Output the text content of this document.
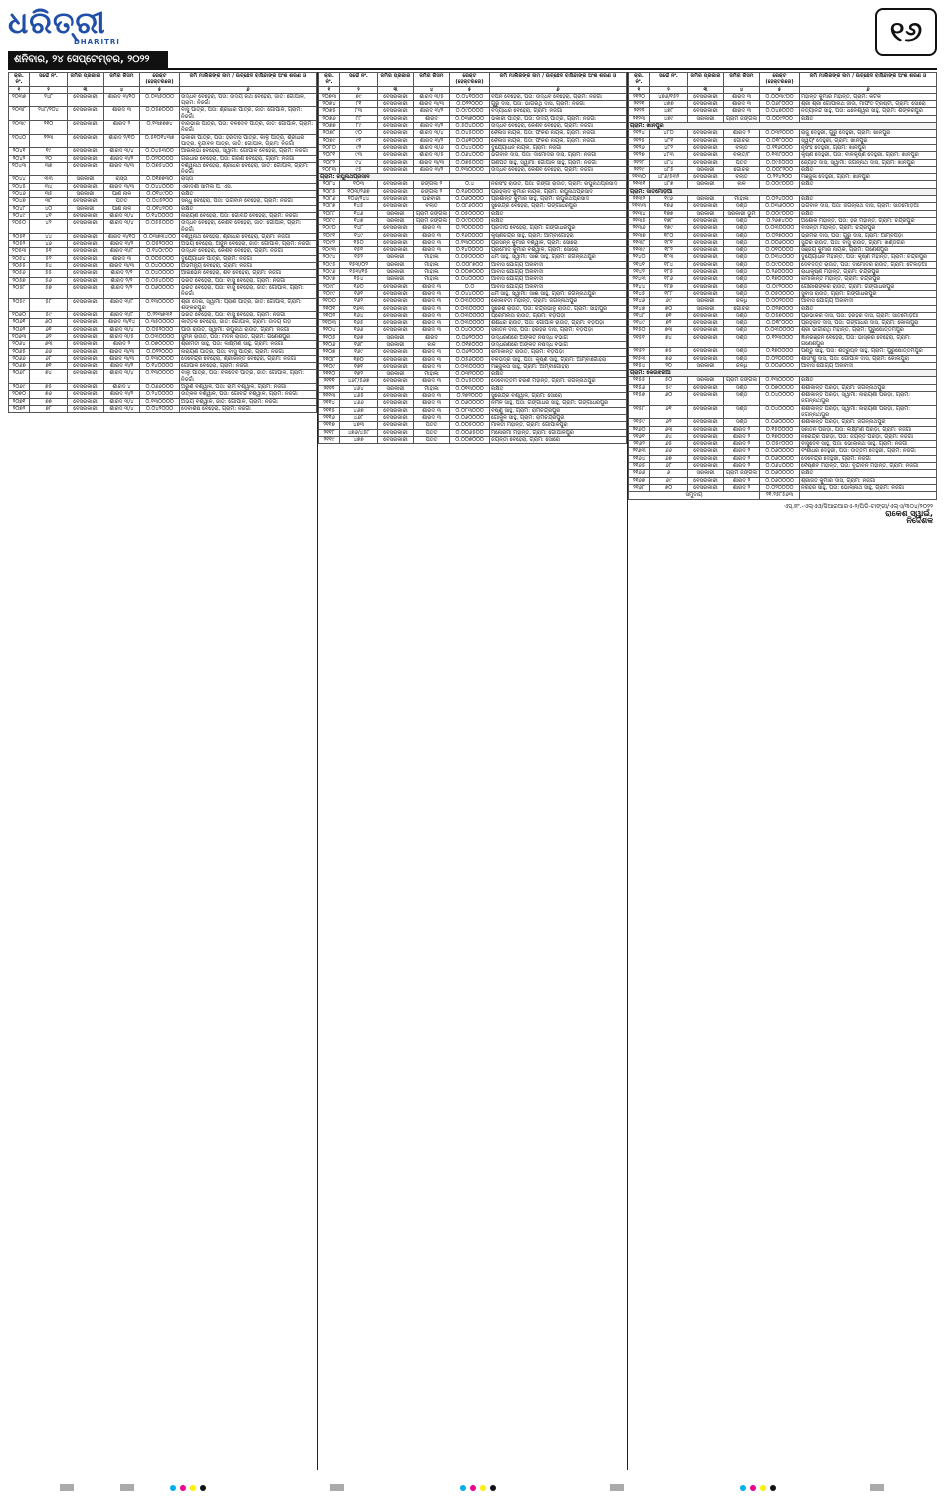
ଧରିତ୍ରୀ
DHARITRI
ଶନିବାର, ୨୪ ସେପ୍ଟେମ୍ବର, ୨୦୨୨
୧୬
କ୍ର. ନଂ.	ସର୍ଭେ ନଂ.	ଜମିର ପ୍ରକାର	ଜମିର କିସମ	ରେକ୍ଟ (ହେକ୍ଟରରେ)	ଜମି ମାଲିକଙ୍କ ନାମ / ଉଚ୍ଛେଦ ବାସିନ୍ଦାଙ୍କ ଅଂଶ ଶରଣ ଓ
୧	୨	୩	୪	୫	୬
୨୦୩୭	୨୪୮	ବେସରକାରୀ	ଶାରଦ ୩/୧୦	୦.୦୩୫୦୦୦	ଉଦ୍ଧବ ବେହେରା, ପିତା: ଉଦୟ ନାଥ ବେହେରା, ଜାତି: ଗୋପାଳ, ଗ୍ରାମ: ନିଜଗାଁ
୨୦୩୮	୨୪୮/୨୦୪	ବେସରକାରୀ	ଶାରଦ ୩	୦.୦୫୭୦୦୦	ବାସୁ ପାତ୍ର, ପିତା: ଶ୍ରୀଧର ପାତ୍ର, ଜାତି: ଗୋପାଳ, ଗ୍ରାମ: ନିଜଗାଁ
୨୦୩୯	୨୧୦	ବେସରକାରୀ	ଶାରଦ ୨	୦.୧୩୭୭୭୪	ବାରଭାଇ ପାତ୍ର, ପିତା: ବଳଦେବ ପାତ୍ର, ଜାତି: ଗୋପାଳ, ଗ୍ରାମ: ନିଜଗାଁ
୨୦୪୦	୨୨୩	ବେସରକାରୀ	ଶାରଦ ୨/୧୦	୦.୫୧୦୧୪୩୭	ଭିକାରୀ ପାତ୍ର, ପିତା: ହରିଦାସ ପାତ୍ର, କାଳୁ ପାତ୍ର, ଶ୍ରୀଧର ପାତ୍ର, ବୃନ୍ଦାବନ ପାତ୍ର, ଜାତି: ଗୋପାଳ, ଗ୍ରାମ: ନିଜଗାଁ
୨୦୪୧	୧୯	ବେସରକାରୀ	ଶାରଦ ୩/୪	୦.୦୪୫୩୦୦	ଆଇଲାଭା ବେହେରା, ସ୍ୱାମୀ: ଗୋପାଳ ବେହେରା, ଗ୍ରାମ: ନିଜଗାଁ
୨୦୪୨	୨୦	ବେସରକାରୀ	ଶାରଦ ୩/୨	୦.୦୨୦୦୦୦	ଗିରିଧାରି ବେହେରା, ପିତା: ଗିରିଶ ବେହେରା, ଗ୍ରାମ: ନିଜଗାଁ
୨୦୪୩	୩୭	ବେସରକାରୀ	ଶାରଦ ୩/୩	୦.୦୭୫୪୦୦	ବିଶ୍ୱନାଥ ବେହେରା, ଶ୍ରୀଧର ବେହେରା, ଜାତି: ଗୋପାଳ, ଗ୍ରାମ: ନିଜଗାଁ
୨୦୪୪	୩୩	ସରକାରୀ	ରାସ୍ତା	୦.୦୧୭୭୩୦	ରାସ୍ତା
୨୦୪୫	୩୪	ବେସରକାରୀ	ଶାରଦ ୩/୩	୦.୦୪୪୦୦୦	ଏକାଦଶୀ ସାମଲ ପି. ଏସ.
୨୦୪୬	୩୫	ସରକାରୀ	ପାଣି ନାଳ	୦.୦୧୪୯୦୦	ରକ୍ଷିତ
୨୦୪୭	୩୮	ବେସରକାରୀ	ପତିତ	୦.୦୪୫୨୦୦	ସନ୍ଧୁ ବେହେରା, ପିତା: ଭଗବାନ ବେହେରା, ଗ୍ରାମ: ନିଜଗାଁ
୨୦୪୮	୪୦	ସରକାରୀ	ପାଣି ନାଳ	୦.୦୧୪୨୦୦	ରକ୍ଷିତ
୨୦୪୯	୪୧	ବେସରକାରୀ	ଶାରଦ ୩/୪	୦.୧୪୦୦୦୦	ନାରାୟଣ ବେହେରା, ପିତା: ଗୋବିନ୍ଦ ବେହେରା, ଗ୍ରାମ: ନିଜଗାଁ
୨୦୫୦	୪୨	ବେସରକାରୀ	ଶାରଦ ୩/୪	୦.୦୫୫୦୦୦	ଉଦ୍ଧବ ବେହେରା, କେଶବ ବେହେରା, ଜାତି: ଗୋପାଳ, ଗ୍ରାମ: ନିଜଗାଁ
୨୦୫୧	୪୪	ବେସରକାରୀ	ଶାରଦ ୩/୧୦	୦.୦୩୭୩୪୦୦	ବିଶ୍ୱନାଥ ବେହେରା, ଶ୍ରୀଧର ବେହେରା, ଗ୍ରାମ: ନିଜଗାଁ
୨୦୫୨	୪୬	ବେସରକାରୀ	ଶାରଦ ୩/୨	୦.୦୫୨୦୦୦	ଅଭୟ ବେହେରା, ଅର୍ଜୁନ ବେହେରା, ଜାତି: ଗୋପାଳ, ଗ୍ରାମ: ନିଜଗାଁ
୨୦୫୩	୫୧	ବେସରକାରୀ	ଶାରଦ ୩/୮	୦.୧୪୦୯୦୦	ଉଦ୍ଧବ ବେହେରା, କେଶବ ବେହେରା, ଗ୍ରାମ: ନିଜଗାଁ
୨୦୫୪	୫୨	ବେସରକାରୀ	ଶାରଦ ୩	୦.୦୦୫୦୦୦	ଦୁର୍ଯ୍ୟୋଧନ ପାତ୍ର, ଗ୍ରାମ: ନିଜଗାଁ
୨୦୫୫	୫୪	ବେସରକାରୀ	ଶାରଦ ୩/୩	୦.୦୪୦୦୦୦	ଅଭିମନ୍ୟୁ ବେହେରା, ଗ୍ରାମ: ନିଜଗାଁ
୨୦୫୬	୫୫	ବେସରକାରୀ	ଶାରଦ ୨/୨	୦.୦୪୦୦୦୦	ଆଇଭେନ ବେହେରା, ଶିବ ବେହେରା, ଗ୍ରାମ: ନିଜଗାଁ
୨୦୫୭	୫୬	ବେସରକାରୀ	ଶାରଦ ୨/୨	୦.୦୫୪୦୦୦	ଭରତ ବେହେରା, ପିତା: ବାସୁ ବେହେରା, ଗ୍ରାମ: ନିଜଗାଁ
୨୦୫୮	୫୭	ବେସରକାରୀ	ଶାରଦ ୨/୨	୦.୦୬୦୦୦୦	ଭରତ ବେହେରା, ପିତା: ବାସୁ ବେହେରା, ଜାତି: ଗୋପାଳ, ଗ୍ରାମ: ନିଜଗାଁ
୨୦୫୯	୫୮	ବେସରକାରୀ	ଶାରଦ ୩/୮	୦.୧୩୦୦୦୦	ଶ୍ରୀ ଦେଇ, ସ୍ୱାମୀ: ପ୍ରାଣ ପାତ୍ର, ଜାତି: ଗୋପାଳ, ଗ୍ରାମ: ଶଙ୍କରପୁର
୨୦୬୦	୫୯	ବେସରକାରୀ	ଶାରଦ ୩/୮	୦.୨୨୩୭୩୧	ଭରତ ବେହେରା, ପିତା: ବାସୁ ବେହେରା, ଗ୍ରାମ: ନିଜଗାଁ
୨୦୬୧	୬୦	ବେସରକାରୀ	ଶାରଦ ୩/୧୪	୦.୩୫୦୦୦୦	କାର୍ତ୍ତିକ ବେହେରା, ଜାତି: ଗୋପାଳ, ଗ୍ରାମ: ଉଦୟ ଗଡ଼
୨୦୬୨	୬୧	ବେସରକାରୀ	ଶାରଦ ୩/୪	୦.୦୫୨୦୦୦	ପାଉଁ ରାଉତ, ସ୍ୱାମୀ: ରଘୁନାଥ ରାଉତ, ଗ୍ରାମ: ନିଜଗାଁ
୨୦୬୩	୬୨	ବେସରକାରୀ	ଶାରଦ ୩/୫	୦.୦୩୦୦୦୦	ସୁମନ ରାଉତ, ପିତା: ମଦନ ରାଉତ, ଗ୍ରାମ: ଗଣେଶପୁର
୨୦୬୪	୬୩	ବେସରକାରୀ	ଶାରଦ ୨	୦.୦୭୦୦୦୦	ଶ୍ରୀମତୀ ସାହୁ, ପିତା: ଲକ୍ଷ୍ମଣ ସାହୁ, ଗ୍ରାମ: ନିଜଗାଁ
୨୦୬୫	୬୬	ବେସରକାରୀ	ଶାରଦ ୩/୩	୦.୦୨୨୦୦୦	ନାରାୟଣ ପାତ୍ର, ପିତା: ବାସୁ ପାତ୍ର, ଗ୍ରାମ: ନିଜଗାଁ
୨୦୬୬	୬୮	ବେସରକାରୀ	ଶାରଦ ୩/୩	୦.୧୩୦୦୦୦	ଦେବେନ୍ଦ୍ର ବେହେରା, ଶ୍ରୀକାନ୍ତ ବେହେରା, ଗ୍ରାମ: ନିଜଗାଁ
୨୦୬୭	୭୧	ବେସରକାରୀ	ଶାରଦ ୩/୨	୦.୧୪୦୦୦୦	ଗୋପାଳ ବେହେରା, ଗ୍ରାମ: ନିଜଗାଁ
୨୦୬୮	୭୪	ବେସରକାରୀ	ଶାରଦ ୩/୪	୦.୧୩୦୦୦୦	ବାଲୁ ପାତ୍ର, ପିତା: ବଳଦେବ ପାତ୍ର, ଜାତି: ଗୋପାଳ, ଗ୍ରାମ: ନିଜଗାଁ
୨୦୬୯	୭୫	ବେସରକାରୀ	ଶାରଦ ୪	୦.୦୬୬୦୦୦	ଅରୁଣ ବିଶ୍ୱାଳ, ପିତା: ରାମ ବିଶ୍ୱାଳ, ଗ୍ରାମ: ନିଜଗାଁ
୨୦୭୦	୭୬	ବେସରକାରୀ	ଶାରଦ ୩/୨	୦.୨୪୦୦୦୦	ଉତ୍କଳ ବିଶ୍ୱାଳ, ପିତା: ଗୋବିନ୍ଦ ବିଶ୍ୱାଳ, ଗ୍ରାମ: ନିଜଗାଁ
୨୦୭୧	୭୭	ବେସରକାରୀ	ଶାରଦ ୩/୪	୦.୧୩୦୦୦୦	ଅଭୟ ବିଶ୍ୱାଳ, ଜାତି: ଗୋପାଳ, ଗ୍ରାମ: ନିଜଗାଁ
୨୦୭୨	୭୮	ବେସରକାରୀ	ଶାରଦ ୩/୪	୦.୦୪୨୦୦୦	ଦେବାଶିଷ ବେହେରା, ଗ୍ରାମ: ନିଜଗାଁ
କ୍ର. ନଂ.	ସର୍ଭେ ନଂ.	ଜମିର ପ୍ରକାର	ଜମିର କିସମ	ରେକ୍ଟ (ହେକ୍ଟରରେ)	ଜମି ମାଲିକଙ୍କ ନାମ / ଉଚ୍ଛେଦ ବାସିନ୍ଦାଙ୍କ ଅଂଶ ଶରଣ ଓ
୧	୨	୩	୪	୫	୬
୨୦୭୩	୭୯	ବେସରକାରୀ	ଶାରଦ ୩/୫	୦.୦୪୧୦୦୦	ବିପିନ ବେହେରା, ପିତା: ଉଦ୍ଧବ ବେହେରା, ଗ୍ରାମ: ନିଜଗାଁ
୨୦୭୪	୮୧	ବେସରକାରୀ	ଶାରଦ ୩/୩	୦.୦୨୨୦୦୦	ଗୁରୁ ଦାସ, ପିତା: ଭାଗିରଥି ଦାସ, ଗ୍ରାମ: ନିଜଗାଁ
୨୦୭୫	୮୩	ବେସରକାରୀ	ଶାରଦ ୩/୨	୦.୦୯୦୦୦୦	ବିଦ୍ୟାଧର ବେହେରା, ଗ୍ରାମ: ନିଜଗାଁ
୨୦୭୬	୮୮	ବେସରକାରୀ	ଶାରଦ	୦.୦୩୭୦୦୦	ଭିକାରୀ ପାତ୍ର, ପିତା: ଉଦୟ ପାତ୍ର, ଗ୍ରାମ: ନିଜଗାଁ
୨୦୭୭	୮୯	ବେସରକାରୀ	ଶାରଦ ୩/୨	୦.୫୦୪୦୦୦	ଉଦ୍ଧବ ବେହେରା, କେଶବ ବେହେରା, ଗ୍ରାମ: ନିଜଗାଁ
୨୦୭୮	୯୦	ବେସରକାରୀ	ଶାରଦ ୩/୪	୦.୦୪୫୦୦୦	କୈଳାସ ନାୟକ, ପିତା: ଫକିର ନାୟକ, ଗ୍ରାମ: ନିଜଗାଁ
୨୦୭୯	୯୧	ବେସରକାରୀ	ଶାରଦ ୩/୨	୦.୦୬୧୦୦୦	କୈଳାସ ନାୟକ, ପିତା: ଫକିର ନାୟକ, ଗ୍ରାମ: ନିଜଗାଁ
୨୦୮୦	୯୨	ବେସରକାରୀ	ଶାରଦ ୩/୬	୦.୦୪୪୦୦୦	ଦୁର୍ଯ୍ୟୋଧନ ନାୟକ, ଗ୍ରାମ: ନିଜଗାଁ
୨୦୮୧	୯୩	ବେସରକାରୀ	ଶାରଦ ୩/୫	୦.୦୬୪୦୦୦	ଭଗବାନ ଦାସ, ପିତା: ଦାମୋଦର ଦାସ, ଗ୍ରାମ: ନିଜଗାଁ
୨୦୮୨	୯୪	ବେସରକାରୀ	ଶାରଦ ୩/୩	୦.୦୭୫୦୦୦	ଗଣପତି ସାହୁ, ସ୍ୱାମୀ: ଗୋପାଳ ସାହୁ, ଗ୍ରାମ: ନିଜଗାଁ
୨୦୮୩	୯୫	ବେସରକାରୀ	ଶାରଦ ୩/୨	୦.୧୩୦୦୦୦	ଉଦ୍ଧବ ବେହେରା, କେଶବ ବେହେରା, ଗ୍ରାମ: ନିଜଗାଁ
ଗ୍ରାମ: ରଘୁନାଥପ୍ରସାଦ					
୨୦୮୪	୧୦୩	ବେସରକାରୀ	ଜଙ୍ଗଲ ୨	୦.୪	ନରସିଂହ ରାଉତ, ପିତା: ଗଙ୍ଗା ରାଉତ, ଗ୍ରାମ: ରଘୁନାଥପ୍ରସାଦ
୨୦୮୫	୧୦୩/୨୬୭	ବେସରକାରୀ	ଜଙ୍ଗଲ ୨	୦.୧୬୦୦୦୦	ପ୍ରହ୍ଲାଦ କୁମାର ନାୟକ, ଗ୍ରାମ: ରଘୁନାଥପ୍ରସାଦ
୨୦୮୬	୧୦୬/୨୪୪	ବେସରକାରୀ	ଘରବାରୀ	୦.୦୬୦୦୦୦	ପ୍ରଶାନ୍ତ କୁମାର ସାହୁ, ଗ୍ରାମ: ରଘୁନାଥପ୍ରସାଦ
୨୦୮୭	୧୪୫	ବେସରକାରୀ	ବିଲାତି	୦.୦୮୬୦୦୦	ସୁରେନ୍ଦ୍ର ବେହେରା, ଗ୍ରାମ: ଗଙ୍ଗାଧରପୁର
୨୦୮୮	୧୪୬	ସରକାରୀ	ଗ୍ରାମ ଜଙ୍ଗଲ	୦.୦୫୦୦୦୦	ରକ୍ଷିତ
୨୦୮୯	୧୪୭	ସରକାରୀ	ଗ୍ରାମ ଜଙ୍ଗଲ	୦.୦୯୦୦୦୦	ରକ୍ଷିତ
୨୦୯୦	୧୪୮	ବେସରକାରୀ	ଶାରଦ ୩	୦.୨୦୦୦୦୦	ପ୍ରଦୀପ ବେହେରା, ଗ୍ରାମ: ଗଙ୍ଗାଧରପୁର
୨୦୯୧	୧୪୯	ବେସରକାରୀ	ଶାରଦ ୩	୦.୧୬୦୦୦୦	କୃଷ୍ଣଚନ୍ଦ୍ର ସାହୁ, ଗ୍ରାମ: ଆମ୍ବାଗୋହିରା
୨୦୯୨	୧୫୦	ବେସରକାରୀ	ଶାରଦ ୩	୦.୧୩୦୦୦୦	ପ୍ରସନ୍ନ କୁମାର ବିଶ୍ୱାଳ, ଗ୍ରାମ: ସୋରୋ
୨୦୯୩	୧୫୧	ବେସରକାରୀ	ଶାରଦ ୩	୦.୧୪୦୦୦୦	ପ୍ରମୋଦ କୁମାର ବିଶ୍ୱାଳ, ଗ୍ରାମ: ସୋରୋ
୨୦୯୪	୧୫୨	ସରକାରୀ	ମାହାଳା	୦.୦୫୦୦୦୦	ଧର୍ମି ସାହୁ, ସ୍ୱାମୀ: ସାଈ ସାହୁ, ଗ୍ରାମ: ଜଗନ୍ନାଥପୁର
୨୦୯୫	୧୫୩/୦୨	ସରକାରୀ	ମାହାଳା	୦.୦୦୮୭୦୦	ଆବାସ ଯୋଗ୍ୟ ଅନାବାଦୀ
୨୦୯୬	୧୫୩/୧୫	ସରକାରୀ	ମାହାଳା	୦.୦୦୭୦୦୦	ଆବାସ ଯୋଗ୍ୟ ଅନାବାଦୀ
୨୦୯୭	୧୫୪	ସରକାରୀ	ମାହାଳା	୦.୦୪୦୦୦୦	ଆବାସ ଯୋଗ୍ୟ ଅନାବାଦୀ
୨୦୯୮	୧୬୦	ବେସରକାରୀ	ଶାରଦ ୩	୦.୦	ଆବାସ ଯୋଗ୍ୟ ଅନାବାଦୀ
୨୦୯୯	୧୬୧	ବେସରକାରୀ	ଶାରଦ ୩	୦.୦୪୪୦୦୦	ଧର୍ମି ସାହୁ, ସ୍ୱାମୀ: ସାଈ ସାହୁ, ଗ୍ରାମ: ଜଗନ୍ନାଥପୁର
୨୧୦୦	୧୬୨	ବେସରକାରୀ	ଶାରଦ ୩	୦.୦୩୦୦୦୦	କୋଳାବତୀ ମହାନ୍ତି, ଗ୍ରାମ: ଜଗନ୍ନାଥପୁର
୨୧୦୧	୧୬୩	ବେସରକାରୀ	ଶାରଦ ୩	୦.୦୩୦୦୦୦	ସୁରେଶ ରାଉତ, ପିତା: ଚନ୍ଦ୍ରଭାନୁ ରାଉତ, ଗ୍ରାମ: ସାହାପୁର
୨୧୦୨	୧୬୪	ବେସରକାରୀ	ଶାରଦ ୩	୦.୦୩୦୦୦୦	ପ୍ରେମଲତା ରାଉତ, ଗ୍ରାମ: ବଡ଼ପଡ଼ା
୨୧୦୩	୧୬୫	ବେସରକାରୀ	ଶାରଦ ୩	୦.୦୩୦୦୦୦	ଶଶଧର ରାଉତ, ପିତା: ଗୋପାଳ ରାଉତ, ଗ୍ରାମ: ବଡ଼ପଡ଼ା
୨୧୦୪	୧୬୬	ବେସରକାରୀ	ଶାରଦ ୩	୦.୦୪୦୦୦୦	ସନାତନ ଦାସ, ପିତା: ହରିହର ଦାସ, ଗ୍ରାମ: ବଡ଼ପଡ଼ା
୨୧୦୫	୧୬୭	ସରକାରୀ	ଶାରଦ	୦.୦୬୨୦୦୦	ଉଦ୍ଧରଣରେ ଅଙ୍କିତ ନିଷିଦ୍ଧ ବିଭାଗ
୨୧୦୬	୧୬୮	ସରକାରୀ	ନାଳ	୦.୦୧୭୦୦୦	ଉଦ୍ଧରଣରେ ଅଙ୍କିତ ନିଷିଦ୍ଧ ବିଭାଗ
୨୧୦୭	୧୬୯	ବେସରକାରୀ	ଶାରଦ ୩	୦.୦୬୨୦୦୦	ରମାକାନ୍ତ ରାଉତ, ଗ୍ରାମ: ବଡ଼ପଡ଼ା
୨୧୦୮	୧୭୦	ବେସରକାରୀ	ଶାରଦ ୩	୦.୦୫୬୦୦୦	ବଳଭଦ୍ର ସାହୁ, ପିତା: କୃଷ୍ଣ ସାହୁ, ଗ୍ରାମ: ଆମ୍ବାଗୋହିରା
୨୧୦୯	୧୭୧	ବେସରକାରୀ	ଶାରଦ ୩	୦.୦୩୦୦୦୦	ମଞ୍ଜୁଳତା ସାହୁ, ଗ୍ରାମ: ଆମ୍ବାଗୋହିରା
୨୧୧୦	୧୭୨	ସରକାରୀ	ମାହାଳା	୦.୦୩୨୦୦୦	ରକ୍ଷିତ
୨୧୧୧	୪୬୮/୫୬୭	ବେସରକାରୀ	ଶାରଦ ୩	୦.୦୪୫୦୦୦	ଦେବୋତ୍ତମ ଚରଣ ମହାନ୍ତି, ଗ୍ରାମ: ଜଗନ୍ନାଥପୁର
୨୧୧୨	୪୬୪	ସରକାରୀ	ମାହାଳା	୦.୦୧୩୦୦୦	ରକ୍ଷିତ
୨୧୧୩	୪୬୫	ବେସରକାରୀ	ଶାରଦ ୩	୦.୨୭୨୦୦୦	ସୁରେନ୍ଦ୍ର ବିଶ୍ୱାଳ, ଗ୍ରାମ: ସୋରୋ
୨୧୧୪	୪୬୬	ବେସରକାରୀ	ଶାରଦ ୩	୦.୦୬୦୦୦୦	ନିର୍ମଳ ସାହୁ, ପିତା: ଗଙ୍ଗାଧର ସାହୁ, ଗ୍ରାମ: ଗଙ୍ଗାଧରପୁର
୨୧୧୫	୪୬୭	ବେସରକାରୀ	ଶାରଦ ୩	୦.୦୮୩୦୦୦	ବିଷ୍ଣୁ ସାହୁ, ଗ୍ରାମ: ରାମଚନ୍ଦ୍ରପୁର
୨୧୧୬	୪୬୮	ବେସରକାରୀ	ଶାରଦ ୩	୦.୦୬୦୦୦୦	ଗୋକୁଳ ସାହୁ, ଗ୍ରାମ: ରାମଚନ୍ଦ୍ରପୁର
୨୧୧୭	୪୭୩	ବେସରକାରୀ	ପତିତ	୦.୦୦୫୦୦୦	ମାଳତୀ ମହାନ୍ତି, ଗ୍ରାମ: ଗୋପାଳପୁର
୨୧୧୮	୪୭୬/୪୫୮	ବେସରକାରୀ	ପତିତ	୦.୦୦୬୫୦୦	ମନୋରମା ମହାନ୍ତି, ଗ୍ରାମ: ଗୋପାଳପୁର
୨୧୧୯	୪୭୭	ବେସରକାରୀ	ପତିତ	୦.୦୦୭୦୦୦	ଜୟନ୍ତୀ ବେହେରା, ଗ୍ରାମ: ସୋରୋ
କ୍ର. ନଂ.	ସର୍ଭେ ନଂ.	ଜମିର ପ୍ରକାର	ଜମିର କିସମ	ରେକ୍ଟ (ହେକ୍ଟରରେ)	ଜମି ମାଲିକଙ୍କ ନାମ / ଉଚ୍ଛେଦ ବାସିନ୍ଦାଙ୍କ ଅଂଶ ଶରଣ ଓ
୧	୨	୩	୪	୫	୬
୨୧୨୦	୪୭୬/୧୫୨	ବେସରକାରୀ	ଶାରଦ ୩	୦.୦୦୩୯୦୦	ମହାନ୍ତ କୁମାର ମହାନ୍ତି, ଗ୍ରାମ: କଟକ
୨୧୨୧	୪୭୭	ବେସରକାରୀ	ଶାରଦ ୩	୦.୦୬୮୦୦୦	ଶ୍ରୀ ଶ୍ରୀ ଗୋପୀନାଥ ଜୀଉ, ମାର୍ଫତ ଟ୍ରଷ୍ଟୀ, ଗ୍ରାମ: ସୋରୋ
୨୧୨୨	୪୭୮	ବେସରକାରୀ	ଶାରଦ ୩	୦.୦୪୭୦୦୦	ନିତ୍ୟାନନ୍ଦ ସାହୁ, ପିତା: ଧନେଶ୍ୱର ସାହୁ, ଗ୍ରାମ: ଶଙ୍କରପୁର
୨୧୨୩	୪୭୯	ସରକାରୀ	ଗ୍ରାମ ଜଙ୍ଗଲ	୦.୦୦୯୨୦୦	ରକ୍ଷିତ
ଗ୍ରାମ: ଖାନପୁର					
୨୧୨୪	୪୮୦	ବେସରକାରୀ	ଶାରଦ ୨	୦.୦୩୨୦୦୦	ରାଜୁ ଦେହୁରୀ, ଗୁରୁ ଦେହୁରୀ, ଗ୍ରାମ: ଖାନପୁର
୨୧୨୫	୪୮୧	ବେସରକାରୀ	ଗୋଚର	୦.୦୧୮୦୦୦	ସ୍ୱୟଂ ଦେହୁରୀ, ଗ୍ରାମ: ଖାନପୁର
୨୧୨୬	୪୮୨	ବେସରକାରୀ	ବିଲାତି	୦.୧୧୬୦୦୦	ନୃସିଂହ ଦେହୁରୀ, ଗ୍ରାମ: ଖାନପୁର
୨୧୨୭	୪୮୩	ବେସରକାରୀ	ବିଲାତି/୮	୦.୧୩୮୦୦୦	କୃଷ୍ଣ ଦେହୁରୀ, ପିତା: ବାଳକୃଷ୍ଣ ଦେହୁରୀ, ଗ୍ରାମ: ଖାନପୁର
୨୧୨୮	୪୮୪	ବେସରକାରୀ	ପତିତ	୦.୦୯୫୦୦୦	ଜ୍ୟୋତି ଦାସ, ସ୍ୱାମୀ: ଜଗନ୍ନାଥ ଦାସ, ଗ୍ରାମ: ଖାନପୁର
୨୧୨୯	୪୮୫	ସରକାରୀ	ଗୋଚର	୦.୦୦୮୨୦୦	ରକ୍ଷିତ
୨୧୩୦	୪୮୬/୫୩୨	ବେସରକାରୀ	ବିଲାତି	୦.୨୨୪୨୦୦	ମଞ୍ଜୁଳା ଦେହୁରୀ, ଗ୍ରାମ: ଖାନପୁର
୨୧୩୧	୪୮୭	ସରକାରୀ	ନାଳ	୦.୦୦୯୦୦୦	ରକ୍ଷିତ
ଗ୍ରାମ: ସାତମୋଡ଼ିଆ					
୨୧୩୨	୧୯୬	ସରକାରୀ	ମାହାଳା	୦.୦୨୪୦୦୦	ରକ୍ଷିତ
୨୧୩୩	୧୭୬	ବେସରକାରୀ	ଦଣ୍ଡ	୦.୦୩୬୦୦୦	ଭଗବାନ ଦାସ, ପିତା: ଜଗନ୍ନାଥ ଦାସ, ଗ୍ରାମ: ସାତମୋଡ଼ିଆ
୨୧୩୪	୧୭୭	ସରକାରୀ	ସରକାରୀ ଭୂମି	୦.୦୦୯୦୦୦	ରକ୍ଷିତ
୨୧୩୫	୧୭୮	ବେସରକାରୀ	ଦଣ୍ଡ	୦.୨୬୭୪୦୦	ଅଶୋକ ମହାନ୍ତି, ପିତା: ହରି ମହାନ୍ତି, ଗ୍ରାମ: ଚନ୍ଦ୍ରପୁର
୨୧୩୬	୧୭୯	ବେସରକାରୀ	ଦଣ୍ଡ	୦.୦୩୦୦୦୦	ବାସନ୍ତୀ ମହାନ୍ତି, ଗ୍ରାମ: ଚନ୍ଦ୍ରପୁର
୨୧୩୭	୧୮୦	ବେସରକାରୀ	ଦଣ୍ଡ	୦.୦୨୭୦୦୦	ଭ୍ରମର ଦାସ, ପିତା: ଗୁରୁ ଦାସ, ଗ୍ରାମ: ଆମ୍ବପଡ଼ା
୨୧୩୮	୧୮୧	ବେସରକାରୀ	ଦଣ୍ଡ	୦.୦୦୬୦୦୦	ସୁନ୍ଦର ରାଉତ, ପିତା: ବାସୁ ରାଉତ, ଗ୍ରାମ: ଖଣ୍ଡଗିରି
୨୧୩୯	୧୮୨	ବେସରକାରୀ	ଦଣ୍ଡ	୦.୦୧୦୦୦୦	ସଞ୍ଜୟ କୁମାର ନାୟକ, ଗ୍ରାମ: ଗଣେଶପୁର
୨୧୪୦	୧୮୩	ବେସରକାରୀ	ଦଣ୍ଡ	୦.୦୩୪୦୦୦	ଦୁର୍ଯ୍ୟୋଧନ ମହାନ୍ତି, ପିତା: କୃଷ୍ଣ ମହାନ୍ତି, ଗ୍ରାମ: ଚନ୍ଦ୍ରପୁର
୨୧୪୧	୧୮୪	ବେସରକାରୀ	ଦଣ୍ଡ	୦.୦୯୦୦୦୦	ଦେବଦତ୍ତ ରାଉତ, ପିତା: ଦାମୋଦର ରାଉତ, ଗ୍ରାମ: ଟେଲଡ଼ିଆ
୨୧୪୨	୧୮୫	ବେସରକାରୀ	ଦଣ୍ଡ	୦.୨୬୦୦୦୦	ରାଧାକୃଷ୍ଣ ମହାନ୍ତି, ଗ୍ରାମ: ଚନ୍ଦ୍ରପୁର
୨୧୪୩	୧୮୬	ବେସରକାରୀ	ଦଣ୍ଡ	୦.୧୭୦୦୦୦	ରମାକାନ୍ତ ମହାନ୍ତି, ଗ୍ରାମ: ଚନ୍ଦ୍ରପୁର
୨୧୪୪	୧୮୭	ବେସରକାରୀ	ଦଣ୍ଡ	୦.୦୯୨୦୦୦	ଗୌରୀଶଙ୍କର ରାଉତ, ଗ୍ରାମ: ଗଙ୍ଗାଧରପୁର
୨୧୪୫	୧୮୮	ବେସରକାରୀ	ଦଣ୍ଡ	୦.୦୫୦୦୦୦	ସୁବାସ ରାଉତ, ଗ୍ରାମ: ଗଙ୍ଗାଧରପୁର
୨୧୪୬	୬୯	ସରକାରୀ	ଜଳଧି	୦.୦୦୨୦୦୦	ଆବାସ ଯୋଗ୍ୟ ଅନାବାଦୀ
୨୧୪୭	୭୦	ସରକାରୀ	ଗୋଚର	୦.୦୨୭୦୦୦	ରକ୍ଷିତ
୨୧୪୮	୭୧	ବେସରକାରୀ	ଦଣ୍ଡ	୦.୦୫୭୦୦୦	ପ୍ରଭାକର ଦାସ, ପିତା: ହରିହର ଦାସ, ଗ୍ରାମ: ସାତମୋଡ଼ିଆ
୨୧୪୯	୭୨	ବେସରକାରୀ	ଦଣ୍ଡ	୦.୦୧୮୦୦୦	ପ୍ରହ୍ଲାଦ ଦାସ, ପିତା: ଗଙ୍ଗାଧର ଦାସ, ଗ୍ରାମ: କୋଳାପୁରା
୨୧୫୦	୭୩	ବେସରକାରୀ	ଦଣ୍ଡ	୦.୦୩୦୦୦୦	ଶ୍ରୀ ଭାଗୀରଥି ମହାନ୍ତି, ଗ୍ରାମ: ପୁରୁଷୋତ୍ତମପୁର
୨୧୫୧	୭୪	ବେସରକାରୀ	ଦଣ୍ଡ	୦.୧୨୩୦୦୦	ଜ୍ଞାନରଞ୍ଜନ ବେହେରା, ପିତା: ଭାସ୍କର ବେହେରା, ଗ୍ରାମ: ଗଣେଶପୁର
୨୧୫୨	୭୫	ବେସରକାରୀ	ଦଣ୍ଡ	୦.୧୭୦୦୦୦	ପଣ୍ଡୁ ସାହୁ, ପିତା: ଶତ୍ରୁଘ୍ନ ସାହୁ, ଗ୍ରାମ: ପୁରୁଷୋତ୍ତମପୁର
୨୧୫୩	୭୬	ବେସରକାରୀ	ଦଣ୍ଡ	୦.୦୨୦୦୦୦	ଶୀତାଂଶୁ ଦାସ, ପିତା: ଗୋପାଳ ଦାସ, ଗ୍ରାମ: କୋଳାପୁରା
୨୧୫୪	୨୦	ସରକାରୀ	ଜଳଧି	୦.୦୦୬୦୦୦	ଆବାସ ଯୋଗ୍ୟ ଅନାବାଦୀ
ଗ୍ରାମ: କେଉଁଝରିଆ					
୨୧୫୫	୫୦	ସରକାରୀ	ଗ୍ରାମ ଜଙ୍ଗଲ	୦.୧୩୦୦୦୦	ରକ୍ଷିତ
୨୧୫୬	୫୯	ବେସରକାରୀ	ଦଣ୍ଡ	୦.୦୭୦୦୦୦	ଶଶୀକାନ୍ତ ପରିଡ଼ା, ଗ୍ରାମ: ଜଗନ୍ନାଥପୁର
୨୧୫୭	୬୦	ବେସରକାରୀ	ଦଣ୍ଡ	୦.୦୪୦୦୦୦	ଶଶୀକାନ୍ତ ପରିଡ଼ା, ସ୍ୱାମୀ: ନାରାୟଣୀ ପରିଡ଼ା, ଗ୍ରାମ: ଜଗନ୍ନାଥପୁର
୨୧୫୮	୬୧	ବେସରକାରୀ	ଦଣ୍ଡ	୦.୦୪୦୦୦୦	ଶଶୀକାନ୍ତ ପରିଡ଼ା, ସ୍ୱାମୀ: ନାରାୟଣୀ ପରିଡ଼ା, ଗ୍ରାମ: ଜଗନ୍ନାଥପୁର
୨୧୫୯	୬୨	ବେସରକାରୀ	ଦଣ୍ଡ	୦.୦୬୦୦୦୦	ଶଶୀକାନ୍ତ ପରିଡ଼ା, ଗ୍ରାମ: ଜଗନ୍ନାଥପୁର
୨୧୬୦	୬୩	ବେସରକାରୀ	ଶାରଦ ୨	୦.୧୫୦୦୦୦	ସନାତନ ପରିଡ଼ା, ପିତା: ଲକ୍ଷ୍ମଣ ପରିଡ଼ା, ଗ୍ରାମ: ନିଜଗାଁ
୨୧୬୧	୬୪	ବେସରକାରୀ	ଶାରଦ ୨	୦.୧୭୦୦୦୦	ନରେନ୍ଦ୍ର ପରିଡ଼ା, ପିତା: ଜୟନ୍ତ ପରିଡ଼ା, ଗ୍ରାମ: ନିଜଗାଁ
୨୧୬୨	୬୫	ବେସରକାରୀ	ଶାରଦ ୨	୦.୦୫୯୦୦୦	ବାସୁଦେବ ସାହୁ, ପିତା: ଭୋଲାନାଥ ସାହୁ, ଗ୍ରାମ: ନିଜଗାଁ
୨୧୬୩	୬୬	ବେସରକାରୀ	ଶାରଦ ୨	୦.୦୬୦୦୦୦	ବଂଶୀଧର ଦେହୁରୀ, ପିତା: ଉତ୍ତମ ଦେହୁରୀ, ଗ୍ରାମ: ନିଜଗାଁ
୨୧୬୪	୬୭	ବେସରକାରୀ	ଶାରଦ ୨	୦.୦୬୦୦୦୦	ଦେବେନ୍ଦ୍ର ଦେହୁରୀ, ଗ୍ରାମ: ନିଜଗାଁ
୨୧୬୫	୬୮	ବେସରକାରୀ	ଶାରଦ ୨	୦.୦୬୪୦୦୦	ବୈଷ୍ଣବ ମହାନ୍ତି, ପିତା: ବୃନ୍ଦାବନ ମହାନ୍ତି, ଗ୍ରାମ: ନିଜଗାଁ
୨୧୬୬	୬	ସରକାରୀ	ଗ୍ରାମ ଜଙ୍ଗଲ	୦.୦୬୦୦୦୦	ରକ୍ଷିତ
୨୧୬୭	୬୯	ବେସରକାରୀ	ଶାରଦ ୨	୦.୦୬୦୦୦୦	ଶ୍ରୀଜିତ କୁମାର ଦାସ, ଗ୍ରାମ: ନିଜଗାଁ
୨୧୬୮	୭୦	ବେସରକାରୀ	ଶାରଦ ୨	୦.୦୨୦୦୦୦	ନରହର ସାହୁ, ପିତା: ଭୋଲାନାଥ ସାହୁ, ଗ୍ରାମ: ନିଜଗାଁ
ସମୁଦାୟ				୨୧.୨୫୮୫୬୩	
ଏସ୍.ନଂ.-ଏଲ୍ଏଓ/ସିଆରଆରଏ-୨/ପିଡି-ଟାଙ୍ଗୀ/ଏଲ୍ଏ/୩୦୪/୨୦୨୨
ରାକେଶ ସ୍ୱାଇଁ,
ନିର୍ଦ୍ଦେଶକ
